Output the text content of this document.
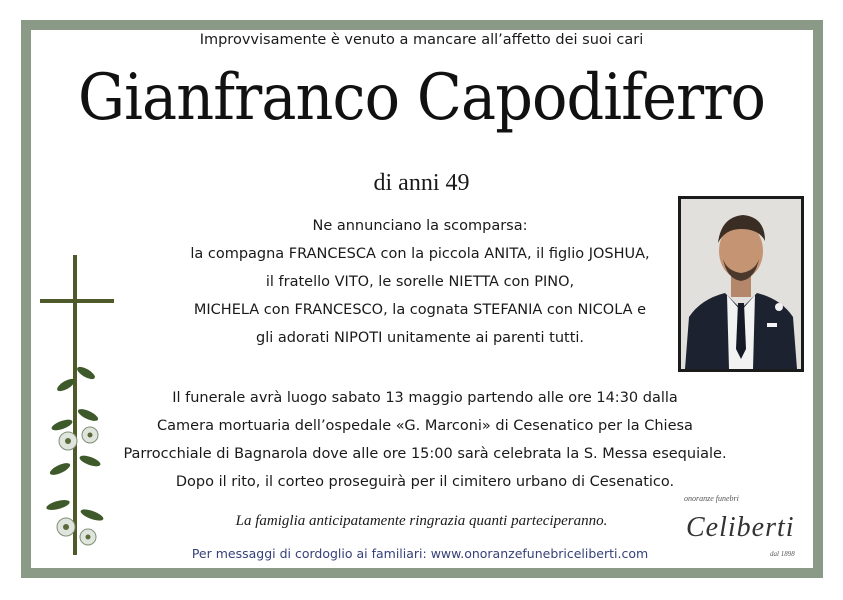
Improvvisamente è venuto a mancare all’affetto dei suoi cari
Gianfranco Capodiferro
di anni 49
Ne annunciano la scomparsa:
la compagna FRANCESCA con la piccola ANITA, il figlio JOSHUA,
il fratello VITO, le sorelle NIETTA con PINO,
MICHELA con FRANCESCO, la cognata STEFANIA con NICOLA e
gli adorati NIPOTI unitamente ai parenti tutti.
Il funerale avrà luogo sabato 13 maggio partendo alle ore 14:30 dalla
Camera mortuaria dell’ospedale «G. Marconi» di Cesenatico per la Chiesa
Parrocchiale di Bagnarola dove alle ore 15:00 sarà celebrata la S. Messa esequiale.
Dopo il rito, il corteo proseguirà per il cimitero urbano di Cesenatico.
La famiglia anticipatamente ringrazia quanti parteciperanno.
Per messaggi di cordoglio ai familiari: www.onoranzefunebriceliberti.com
onoranze funebri
Celiberti
dal 1898
